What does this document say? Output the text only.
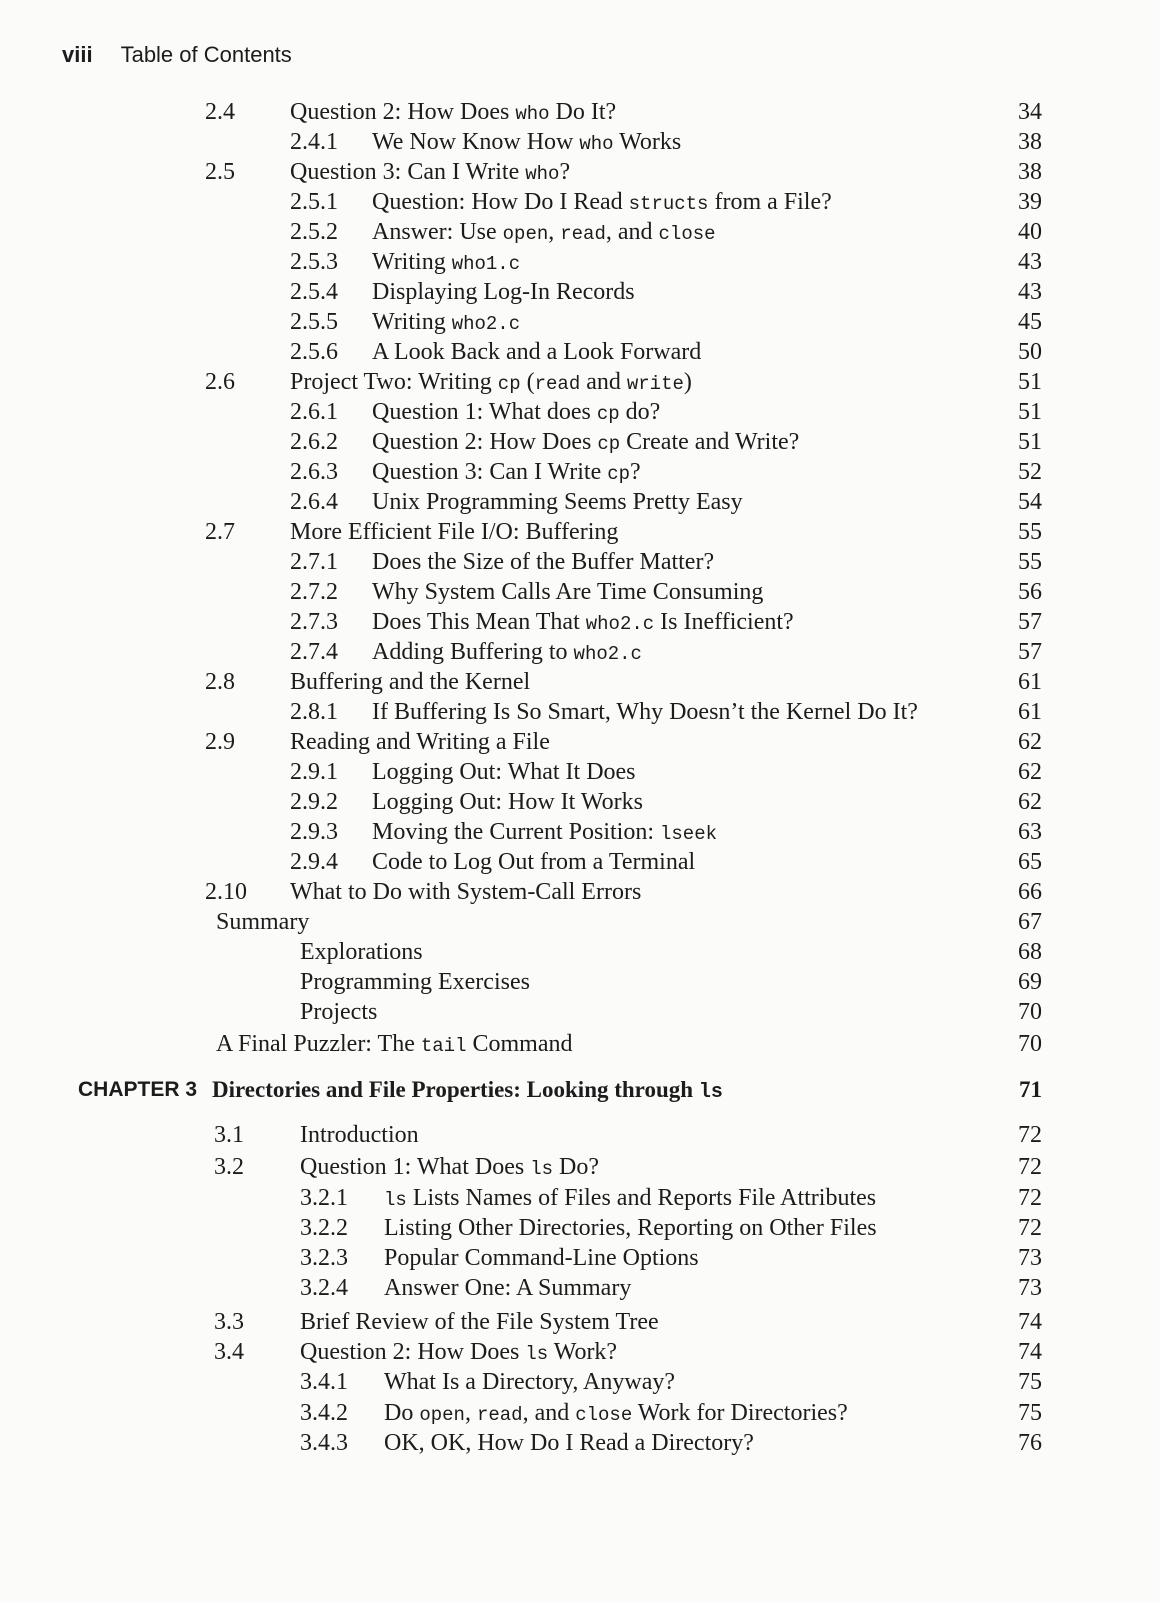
viii Table of Contents
2.4 Question 2: How Does who Do It?	34
2.4.1 We Now Know How who Works	38
2.5 Question 3: Can I Write who?	38
2.5.1 Question: How Do I Read structs from a File?	39
2.5.2 Answer: Use open, read, and close	40
2.5.3 Writing who1.c	43
2.5.4 Displaying Log-In Records	43
2.5.5 Writing who2.c	45
2.5.6 A Look Back and a Look Forward	50
2.6 Project Two: Writing cp (read and write)	51
2.6.1 Question 1: What does cp do?	51
2.6.2 Question 2: How Does cp Create and Write?	51
2.6.3 Question 3: Can I Write cp?	52
2.6.4 Unix Programming Seems Pretty Easy	54
2.7 More Efficient File I/O: Buffering	55
2.7.1 Does the Size of the Buffer Matter?	55
2.7.2 Why System Calls Are Time Consuming	56
2.7.3 Does This Mean That who2.c Is Inefficient?	57
2.7.4 Adding Buffering to who2.c	57
2.8 Buffering and the Kernel	61
2.8.1 If Buffering Is So Smart, Why Doesn’t the Kernel Do It?	61
2.9 Reading and Writing a File	62
2.9.1 Logging Out: What It Does	62
2.9.2 Logging Out: How It Works	62
2.9.3 Moving the Current Position: lseek	63
2.9.4 Code to Log Out from a Terminal	65
2.10 What to Do with System-Call Errors	66
Summary	67
Explorations	68
Programming Exercises	69
Projects	70
A Final Puzzler: The tail Command	70
CHAPTER 3 Directories and File Properties: Looking through ls	71
3.1 Introduction	72
3.2 Question 1: What Does ls Do?	72
3.2.1 ls Lists Names of Files and Reports File Attributes	72
3.2.2 Listing Other Directories, Reporting on Other Files	72
3.2.3 Popular Command-Line Options	73
3.2.4 Answer One: A Summary	73
3.3 Brief Review of the File System Tree	74
3.4 Question 2: How Does ls Work?	74
3.4.1 What Is a Directory, Anyway?	75
3.4.2 Do open, read, and close Work for Directories?	75
3.4.3 OK, OK, How Do I Read a Directory?	76
